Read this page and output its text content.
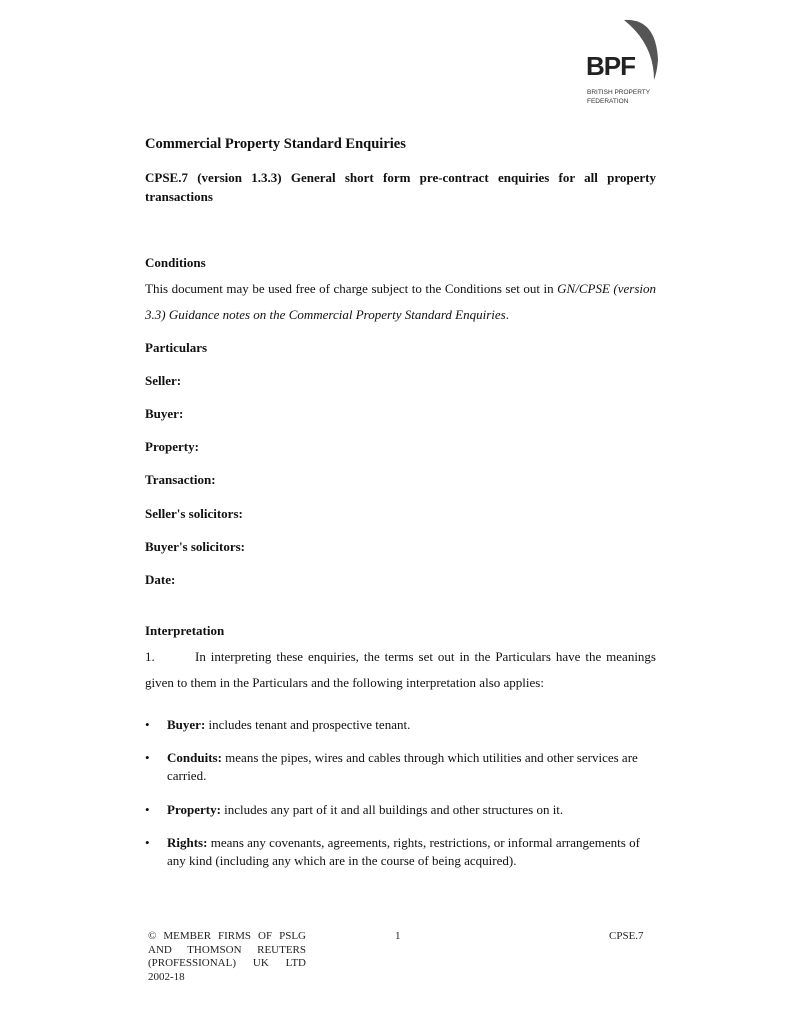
BPF
BRITISH PROPERTY
FEDERATION
Commercial Property Standard Enquiries
CPSE.7 (version 1.3.3) General short form pre-contract enquiries for all property transactions
Conditions
This document may be used free of charge subject to the Conditions set out in GN/CPSE (version 3.3) Guidance notes on the Commercial Property Standard Enquiries.
Particulars
Seller:
Buyer:
Property:
Transaction:
Seller's solicitors:
Buyer's solicitors:
Date:
Interpretation
1.	In interpreting these enquiries, the terms set out in the Particulars have the meanings given to them in the Particulars and the following interpretation also applies:
• Buyer: includes tenant and prospective tenant.
• Conduits: means the pipes, wires and cables through which utilities and other services are carried.
• Property: includes any part of it and all buildings and other structures on it.
• Rights: means any covenants, agreements, rights, restrictions, or informal arrangements of any kind (including any which are in the course of being acquired).
© MEMBER FIRMS OF PSLG AND THOMSON REUTERS (PROFESSIONAL) UK LTD 2002-18
1	CPSE.7
